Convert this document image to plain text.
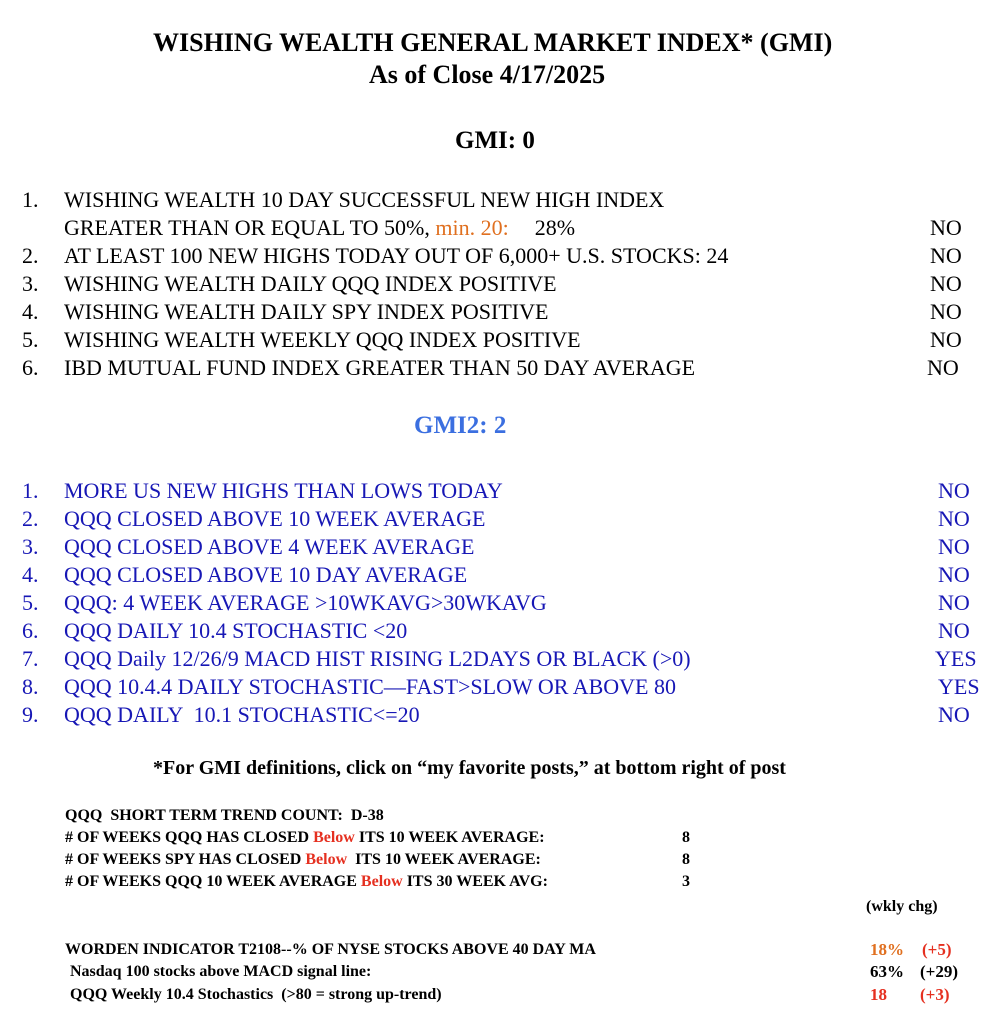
WISHING WEALTH GENERAL MARKET INDEX* (GMI)
As of Close 4/17/2025
GMI: 0
1. WISHING WEALTH 10 DAY SUCCESSFUL NEW HIGH INDEX
GREATER THAN OR EQUAL TO 50%, min. 20: 28%	NO
2. AT LEAST 100 NEW HIGHS TODAY OUT OF 6,000+ U.S. STOCKS: 24	NO
3. WISHING WEALTH DAILY QQQ INDEX POSITIVE	NO
4. WISHING WEALTH DAILY SPY INDEX POSITIVE	NO
5. WISHING WEALTH WEEKLY QQQ INDEX POSITIVE	NO
6. IBD MUTUAL FUND INDEX GREATER THAN 50 DAY AVERAGE	NO
GMI2: 2
1. MORE US NEW HIGHS THAN LOWS TODAY	NO
2. QQQ CLOSED ABOVE 10 WEEK AVERAGE	NO
3. QQQ CLOSED ABOVE 4 WEEK AVERAGE	NO
4. QQQ CLOSED ABOVE 10 DAY AVERAGE	NO
5. QQQ: 4 WEEK AVERAGE >10WKAVG>30WKAVG	NO
6. QQQ DAILY 10.4 STOCHASTIC <20	NO
7. QQQ Daily 12/26/9 MACD HIST RISING L2DAYS OR BLACK (>0)	YES
8. QQQ 10.4.4 DAILY STOCHASTIC—FAST>SLOW OR ABOVE 80	YES
9. QQQ DAILY  10.1 STOCHASTIC<=20	NO
*For GMI definitions, click on “my favorite posts,” at bottom right of post
QQQ  SHORT TERM TREND COUNT:  D-38
# OF WEEKS QQQ HAS CLOSED Below ITS 10 WEEK AVERAGE:	8
# OF WEEKS SPY HAS CLOSED Below  ITS 10 WEEK AVERAGE:	8
# OF WEEKS QQQ 10 WEEK AVERAGE Below ITS 30 WEEK AVG:	3
(wkly chg)
WORDEN INDICATOR T2108--% OF NYSE STOCKS ABOVE 40 DAY MA	18% (+5)
Nasdaq 100 stocks above MACD signal line:	63% (+29)
QQQ Weekly 10.4 Stochastics  (>80 = strong up-trend)	18 (+3)
